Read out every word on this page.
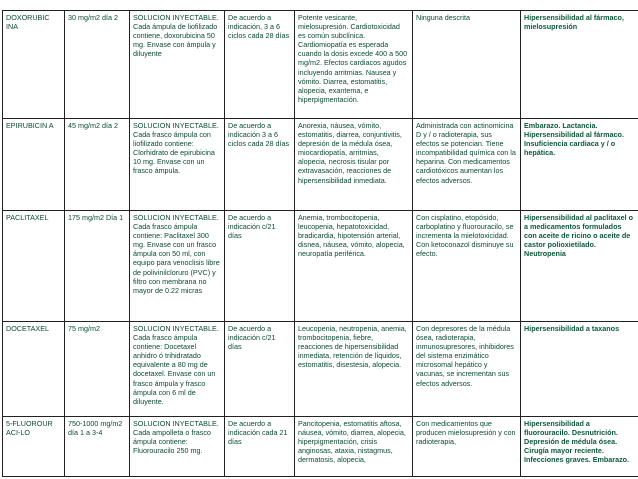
DOXORUBIC INA	30 mg/m2 día 2	SOLUCION INYECTABLE. Cada ámpula de liofilizado contiene, doxorubicina 50 mg. Envase con ámpula y diluyente	De acuerdo a indicación, 3 a 6 ciclos cada 28 días	Potente vesicante, mielosupresión. Cardiotoxicidad es común subclínica. Cardiomiopatía es esperada cuando la dosis excede 400 a 500 mg/m2. Efectos cardiacos agudos incluyendo arritmias. Nausea y vómito. Diarrea, estomatitis, alopecia, exantema, e hiperpigmentación.	Ninguna descrita	Hipersensibilidad al fármaco, mielosupresión
EPIRUBICIN A	45 mg/m2 día 2	SOLUCION INYECTABLE. Cada frasco ámpula con liofilizado contiene: Clorhidrato de epirubicina 10 mg. Envase con un frasco ámpula.	De acuerdo a indicación 3 a 6 ciclos cada 28 días	Anorexia, náusea, vómito, estomatitis, diarrea, conjuntivitis, depresión de la médula ósea, miocardiopatía, arritmias, alopecia, necrosis tisular por extravasación, reacciones de hipersensibilidad inmediata.	Administrada con actinomicina D y / o radioterapia, sus efectos se potencian. Tiene incompatibilidad química con la heparina. Con medicamentos cardiotóxicos aumentan los efectos adversos.	Embarazo. Lactancia. Hipersensibilidad al fármaco. Insuficiencia cardiaca y / o hepática.
PACLITAXEL	175 mg/m2 Día 1	SOLUCION INYECTABLE. Cada frasco ámpula contiene: Paclitaxel 300 mg. Envase con un frasco ámpula con 50 ml, con equipo para venoclisis libre de polivinilcloruro (PVC) y filtro con membrana no mayor de 0.22 micras	De acuerdo a indicación c/21 días	Anemia, trombocitopenia, leucopenia, hepatotoxicidad, bradicardia, hipotensión arterial, disnea, náusea, vómito, alopecia, neuropatía periférica.	Con cisplatino, etopósido, carboplatino y fluorouracilo, se incrementa la mielotoxicidad. Con ketoconazol disminuye su efecto.	Hipersensibilidad al paclitaxel o a medicamentos formulados con aceite de ricino o aceite de castor polioxietilado. Neutropenia
DOCETAXEL	75 mg/m2	SOLUCION INYECTABLE. Cada frasco ámpula contiene: Docetaxel anhidro ó trihidratado equivalente a 80 mg de docetaxel. Envase con un frasco ámpula y frasco ámpula con 6 ml de diluyente.	De acuerdo a indicación c/21 días	Leucopenia, neutropenia, anemia, trombocitopenia, fiebre, reacciones de hipersensibilidad inmediata, retención de líquidos, estomatitis, disestesia, alopecia.	Con depresores de la médula ósea, radioterapia, inmunosupresores, inhibidores del sistema enzimático microsomal hepático y vacunas, se incrementan sus efectos adversos.	Hipersensibilidad a taxanos
5-FLUOROUR ACI-LO	750-1000 mg/m2 día 1 a 3-4	SOLUCION INYECTABLE. Cada ampolleta o frasco ámpula contiene: Fluorouracilo 250 mg.	De acuerdo a indicación cada 21 días	Pancitopenia, estomatitis aftosa, náusea, vómito, diarrea, alopecia, hiperpigmentación, crisis anginosas, ataxia, nistagmus, dermatosis, alopecia,	Con medicamentos que producen mielosupresión y con radioterapia,	Hipersensibilidad a fluorouracilo. Desnutrición. Depresión de médula ósea. Cirugía mayor reciente. Infecciones graves. Embarazo.
